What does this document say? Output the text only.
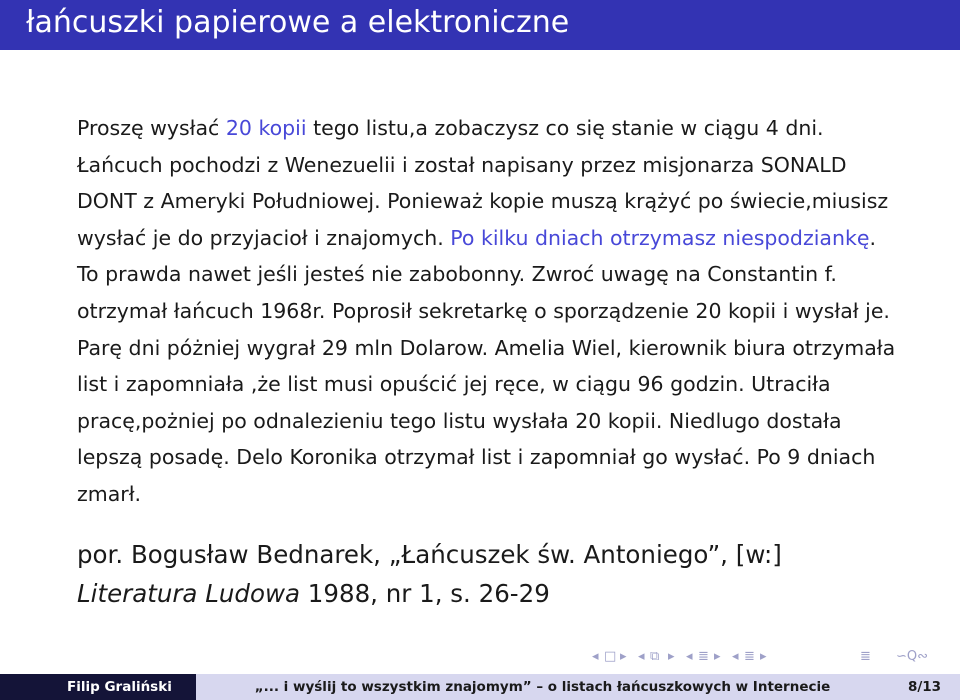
łańcuszki papierowe a elektroniczne

Proszę wysłać 20 kopii tego listu,a zobaczysz co się stanie w ciągu 4 dni. Łańcuch pochodzi z Wenezuelii i został napisany przez misjonarza SONALD DONT z Ameryki Południowej. Ponieważ kopie muszą krążyć po świecie,miusisz wysłać je do przyjacioł i znajomych. Po kilku dniach otrzymasz niespodziankę. To prawda nawet jeśli jesteś nie zabobonny. Zwroć uwagę na Constantin f. otrzymał łańcuch 1968r. Poprosił sekretarkę o sporządzenie 20 kopii i wysłał je. Parę dni póżniej wygrał 29 mln Dolarow. Amelia Wiel, kierownik biura otrzymała list i zapomniała ,że list musi opuścić jej ręce, w ciągu 96 godzin. Utraciła pracę,pożniej po odnalezieniu tego listu wysłała 20 kopii. Niedlugo dostała lepszą posadę. Delo Koronika otrzymał list i zapomniał go wysłać. Po 9 dniach zmarł.

por. Bogusław Bednarek, „Łańcuszek św. Antoniego”, [w:] Literatura Ludowa 1988, nr 1, s. 26-29

◂ □ ▸ ◂ ⧉ ▸ ◂ ≣ ▸ ◂ ≣ ▸	≣ ∽Q∾
Filip Graliński	„... i wyślij to wszystkim znajomym” – o listach łańcuszkowych w Internecie	8/13
